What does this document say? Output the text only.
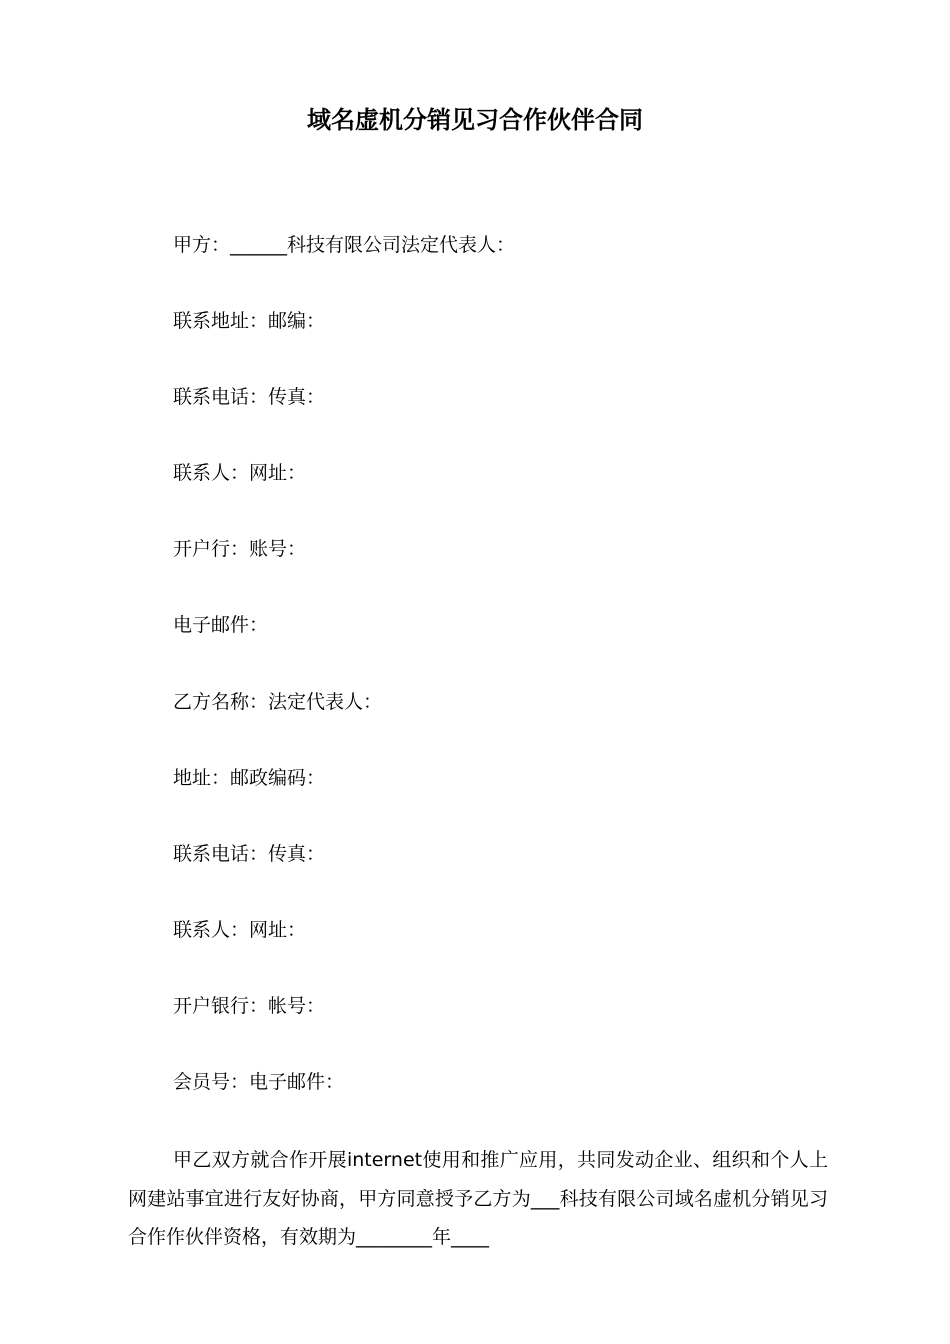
域名虚机分销见习合作伙伴合同
甲方：______科技有限公司法定代表人：
联系地址：邮编：
联系电话：传真：
联系人：网址：
开户行：账号：
电子邮件：
乙方名称：法定代表人：
地址：邮政编码：
联系电话：传真：
联系人：网址：
开户银行：帐号：
会员号：电子邮件：

甲乙双方就合作开展internet使用和推广应用，共同发动企业、组织和个人上网建站事宜进行友好协商，甲方同意授予乙方为___科技有限公司域名虚机分销见习合作作伙伴资格，有效期为________年____
